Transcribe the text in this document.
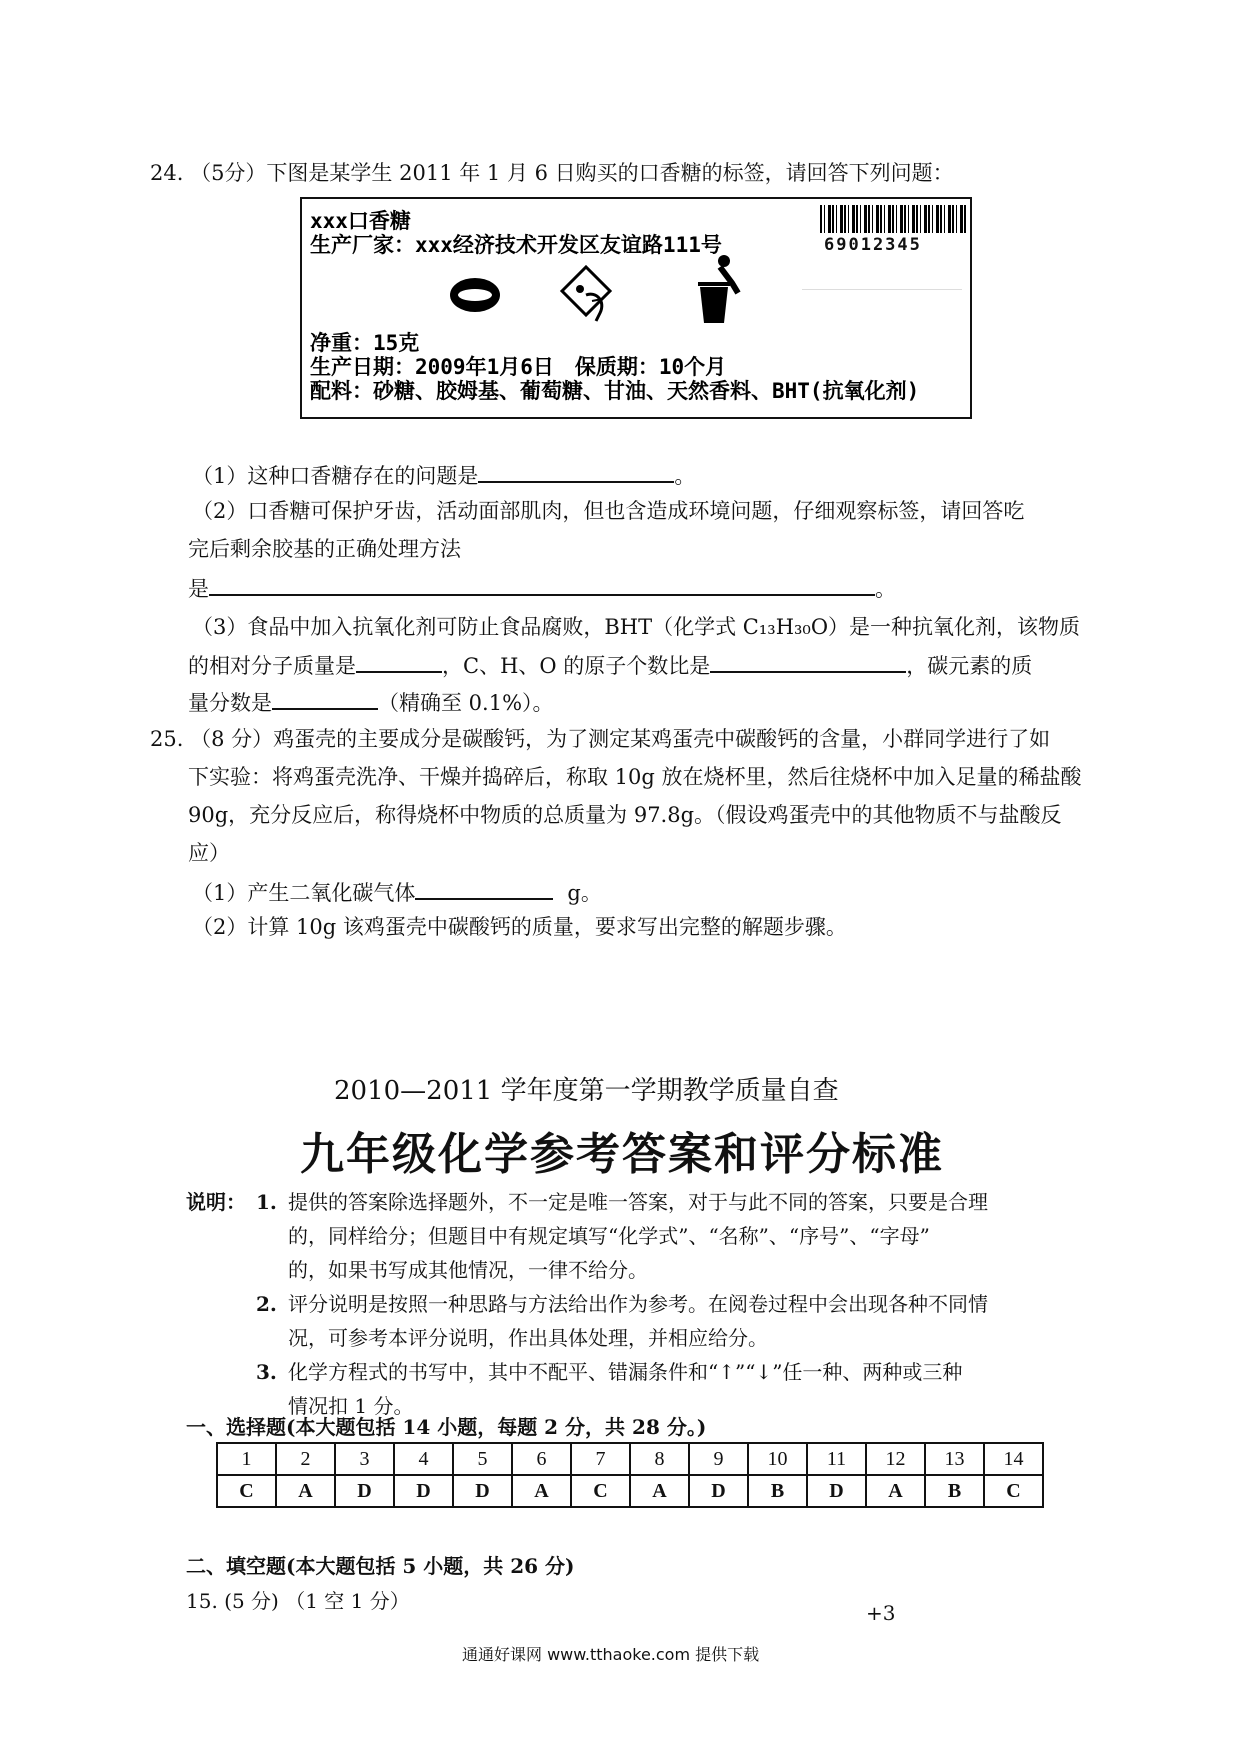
24. （5分）下图是某学生 2011 年 1 月 6 日购买的口香糖的标签，请回答下列问题：
xxx口香糖
生产厂家：xxx经济技术开发区友谊路111号	69012345
净重：15克
生产日期：2009年1月6日　保质期：10个月
配料：砂糖、胶姆基、葡萄糖、甘油、天然香料、BHT(抗氧化剂)
（1）这种口香糖存在的问题是	。
（2）口香糖可保护牙齿，活动面部肌肉，但也含造成环境问题，仔细观察标签，请回答吃
完后剩余胶基的正确处理方法
是	。
（3）食品中加入抗氧化剂可防止食品腐败，BHT（化学式 C₁₃H₃₀O）是一种抗氧化剂，该物质
的相对分子质量是	，C、H、O 的原子个数比是	，碳元素的质
量分数是	（精确至 0.1%）。
25. （8 分）鸡蛋壳的主要成分是碳酸钙，为了测定某鸡蛋壳中碳酸钙的含量，小群同学进行了如
下实验：将鸡蛋壳洗净、干燥并捣碎后，称取 10g 放在烧杯里，然后往烧杯中加入足量的稀盐酸
90g，充分反应后，称得烧杯中物质的总质量为 97.8g。（假设鸡蛋壳中的其他物质不与盐酸反
应）
（1）产生二氧化碳气体	g。
（2）计算 10g 该鸡蛋壳中碳酸钙的质量，要求写出完整的解题步骤。
2010—2011 学年度第一学期教学质量自查
九年级化学参考答案和评分标准
说明： 1. 提供的答案除选择题外，不一定是唯一答案，对于与此不同的答案，只要是合理
的，同样给分；但题目中有规定填写“化学式”、“名称”、“序号”、“字母”
的，如果书写成其他情况，一律不给分。
2. 评分说明是按照一种思路与方法给出作为参考。在阅卷过程中会出现各种不同情
况，可参考本评分说明，作出具体处理，并相应给分。
3. 化学方程式的书写中，其中不配平、错漏条件和“↑”“↓”任一种、两种或三种
情况扣 1 分。
一、选择题(本大题包括 14 小题，每题 2 分，共 28 分。)
1	2	3	4	5	6	7	8	9	10	11	12	13	14
C	A	D	D	D	A	C	A	D	B	D	A	B	C
二、填空题(本大题包括 5 小题，共 26 分)
15. (5 分) （1 空 1 分）	+3
通通好课网 www.tthaoke.com 提供下载
